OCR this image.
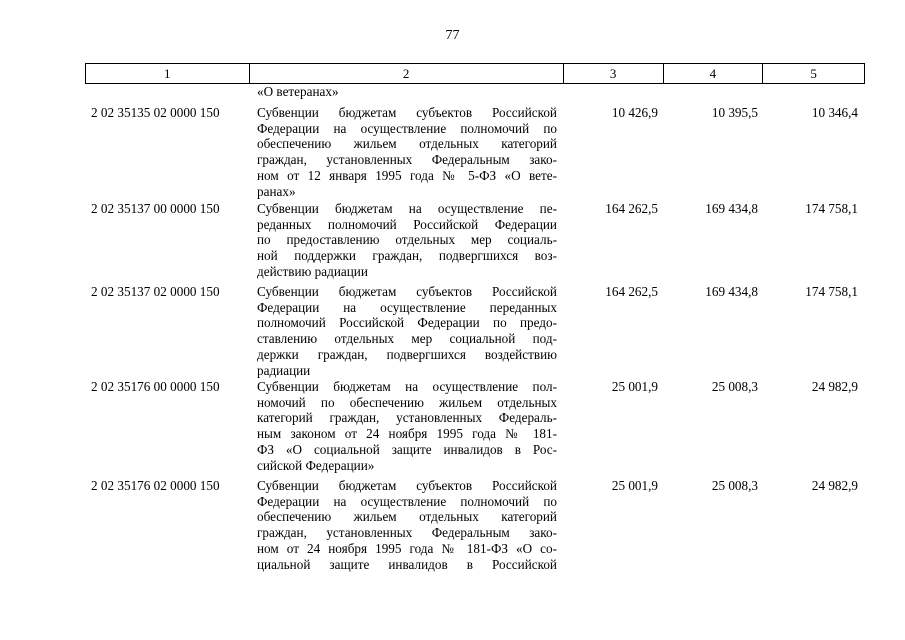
77
1	2	3	4	5
«О ветеранах»
2 02 35135 02 0000 150	Субвенции бюджетам субъектов Российской
Федерации на осуществление полномочий по
обеспечению жильем отдельных категорий
граждан, установленных Федеральным зако-
ном от 12 января 1995 года № 5-ФЗ «О вете-
ранах»
10 426,9	10 395,5	10 346,4
2 02 35137 00 0000 150	Субвенции бюджетам на осуществление пе-
реданных полномочий Российской Федерации
по предоставлению отдельных мер социаль-
ной поддержки граждан, подвергшихся воз-
действию радиации
164 262,5	169 434,8	174 758,1
2 02 35137 02 0000 150	Субвенции бюджетам субъектов Российской
Федерации на осуществление переданных
полномочий Российской Федерации по предо-
ставлению отдельных мер социальной под-
держки граждан, подвергшихся воздействию
радиации
164 262,5	169 434,8	174 758,1
2 02 35176 00 0000 150	Субвенции бюджетам на осуществление пол-
номочий по обеспечению жильем отдельных
категорий граждан, установленных Федераль-
ным законом от 24 ноября 1995 года № 181-
ФЗ «О социальной защите инвалидов в Рос-
сийской Федерации»
25 001,9	25 008,3	24 982,9
2 02 35176 02 0000 150	Субвенции бюджетам субъектов Российской
Федерации на осуществление полномочий по
обеспечению жильем отдельных категорий
граждан, установленных Федеральным зако-
ном от 24 ноября 1995 года № 181-ФЗ «О со-
циальной защите инвалидов в Российской
25 001,9	25 008,3	24 982,9
